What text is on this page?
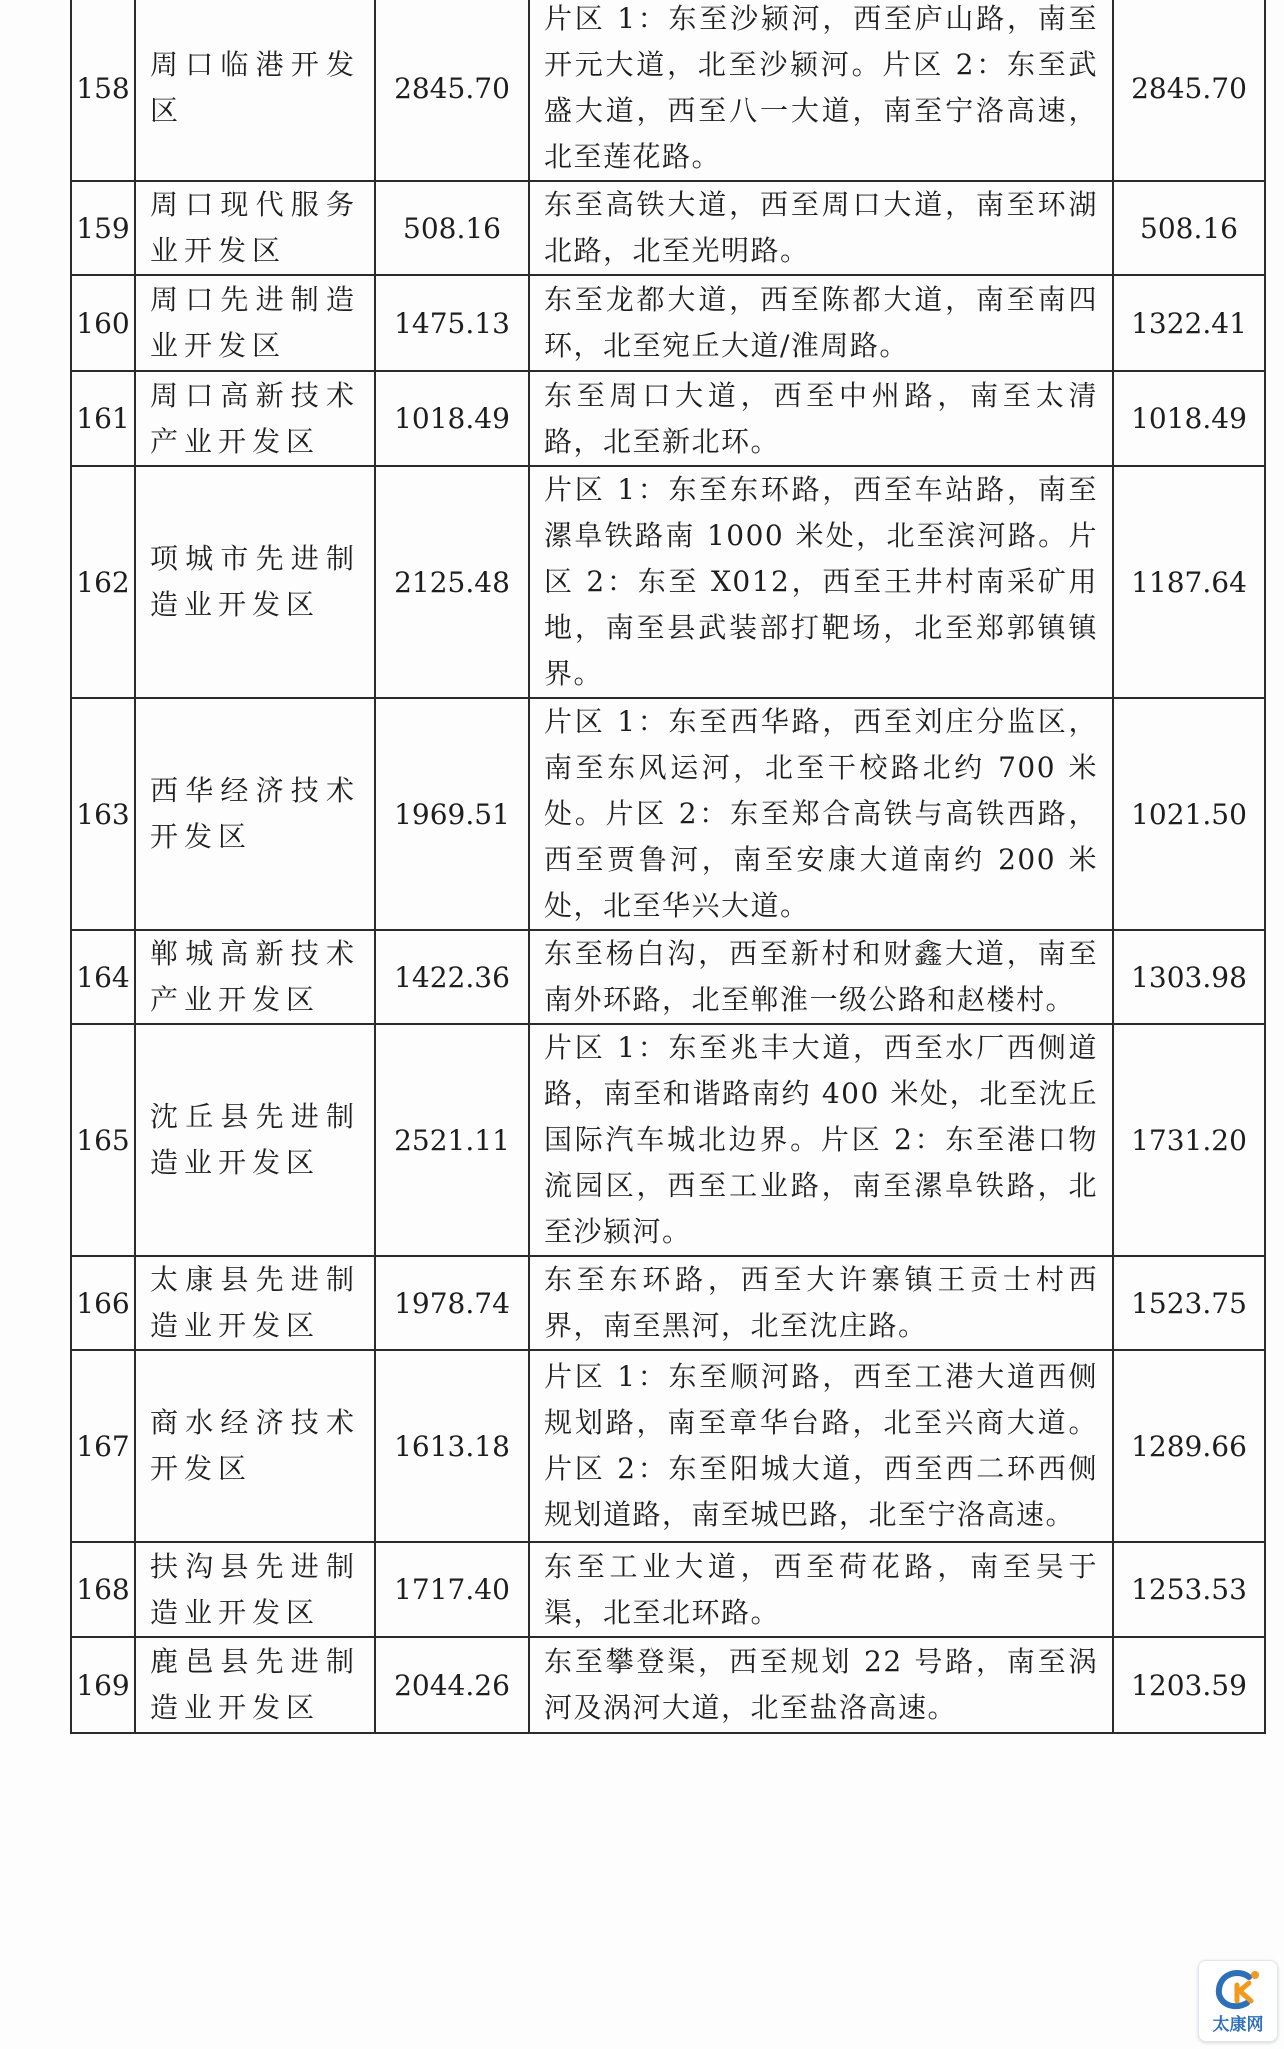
158	周口临港开发区	2845.70	片区 1：东至沙颍河，西至庐山路，南至开元大道，北至沙颍河。片区 2：东至武盛大道，西至八一大道，南至宁洛高速，北至莲花路。	2845.70
159	周口现代服务业开发区	508.16	东至高铁大道，西至周口大道，南至环湖北路，北至光明路。	508.16
160	周口先进制造业开发区	1475.13	东至龙都大道，西至陈都大道，南至南四环，北至宛丘大道/淮周路。	1322.41
161	周口高新技术产业开发区	1018.49	东至周口大道，西至中州路，南至太清路，北至新北环。	1018.49
162	项城市先进制造业开发区	2125.48	片区 1：东至东环路，西至车站路，南至漯阜铁路南 1000 米处，北至滨河路。片区 2：东至 X012，西至王井村南采矿用地，南至县武装部打靶场，北至郑郭镇镇界。	1187.64
163	西华经济技术开发区	1969.51	片区 1：东至西华路，西至刘庄分监区，南至东风运河，北至干校路北约 700 米处。片区 2：东至郑合高铁与高铁西路，西至贾鲁河，南至安康大道南约 200 米处，北至华兴大道。	1021.50
164	郸城高新技术产业开发区	1422.36	东至杨白沟，西至新村和财鑫大道，南至南外环路，北至郸淮一级公路和赵楼村。	1303.98
165	沈丘县先进制造业开发区	2521.11	片区 1：东至兆丰大道，西至水厂西侧道路，南至和谐路南约 400 米处，北至沈丘国际汽车城北边界。片区 2：东至港口物流园区，西至工业路，南至漯阜铁路，北至沙颍河。	1731.20
166	太康县先进制造业开发区	1978.74	东至东环路，西至大许寨镇王贡士村西界，南至黑河，北至沈庄路。	1523.75
167	商水经济技术开发区	1613.18	片区 1：东至顺河路，西至工港大道西侧规划路，南至章华台路，北至兴商大道。片区 2：东至阳城大道，西至西二环西侧规划道路，南至城巴路，北至宁洛高速。	1289.66
168	扶沟县先进制造业开发区	1717.40	东至工业大道，西至荷花路，南至吴于渠，北至北环路。	1253.53
169	鹿邑县先进制造业开发区	2044.26	东至攀登渠，西至规划 22 号路，南至涡河及涡河大道，北至盐洛高速。	1203.59
太康网
